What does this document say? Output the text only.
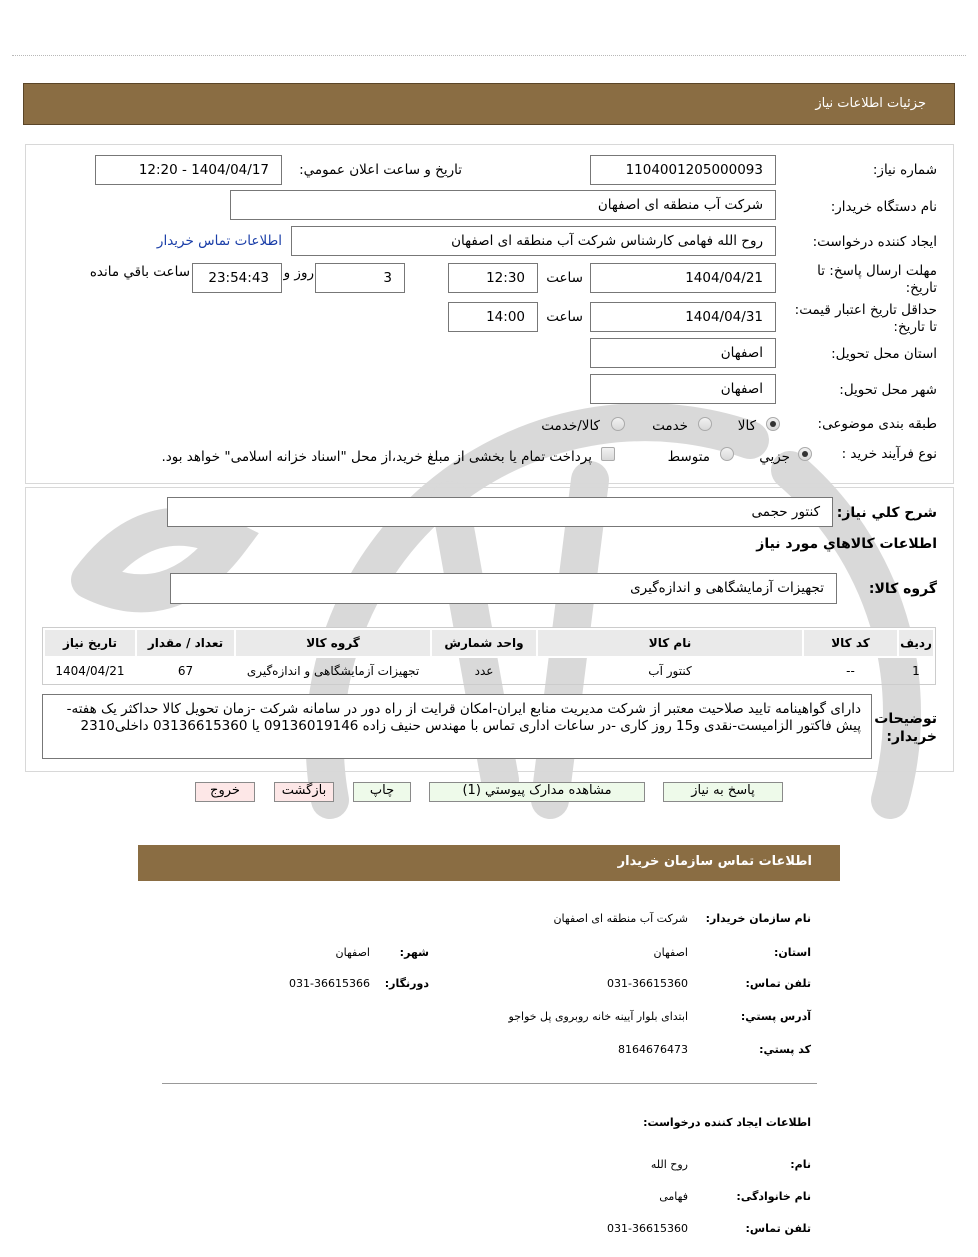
جزئیات اطلاعات نیاز
شماره نیاز:
1104001205000093
تاریخ و ساعت اعلان عمومي:
1404/04/17 - 12:20
نام دستگاه خريدار:
شرکت آب منطقه ای اصفهان
ايجاد کننده درخواست:
روح الله فهامی کارشناس شرکت آب منطقه ای اصفهان
اطلاعات تماس خريدار
مهلت ارسال پاسخ: تا
تاريخ:
1404/04/21
ساعت
12:30
3
روز و
23:54:43
ساعت باقي مانده
حداقل تاريخ اعتبار قيمت:
تا تاريخ:
1404/04/31
ساعت
14:00
استان محل تحويل:
اصفهان
شهر محل تحويل:
اصفهان
طبقه بندی موضوعی:
کالا
خدمت
کالا/خدمت
نوع فرآیند خرید :
جزيي
متوسط
پرداخت تمام يا بخشی از مبلغ خريد،از محل "اسناد خزانه اسلامی" خواهد بود.
شرح کلي نياز:
کنتور حجمی
اطلاعات کالاهاي مورد نياز
گروه کالا:
تجهیزات آزمایشگاهی و اندازه‌گیری
رديف	کد کالا	نام کالا	واحد شمارش	گروه کالا	تعداد / مقدار	تاريخ نياز
1	--	کنتور آب	عدد	تجهیزات آزمایشگاهی و اندازه‌گیری	67	1404/04/21
توضيحات
خريدار:
دارای گواهینامه تایید صلاحیت معتبر از شرکت مدیریت منابع ایران-امکان قرایت از راه دور در سامانه شرکت -زمان تحویل کالا حداکثر یک هفته-پیش فاکتور الزامیست-نقدی و15 روز کاری -در ساعات اداری تماس با مهندس حنیف زاده 09136019146 یا 03136615360 داخلی2310
پاسخ به نياز
مشاهده مدارک پيوستي (1)
چاپ
بازگشت
خروج
اطلاعات تماس سازمان خريدار
نام سازمان خريدار:
شرکت آب منطقه ای اصفهان
استان:
اصفهان
شهر:
اصفهان
تلفن تماس:
031-36615360
دورنگار:
031-36615366
آدرس پستي:
ابتدای بلوار آیینه خانه روبروی پل خواجو
کد پستي:
8164676473
اطلاعات ایجاد کننده درخواست:
نام:
روح الله
نام خانوادگی:
فهامی
تلفن تماس:
031-36615360
